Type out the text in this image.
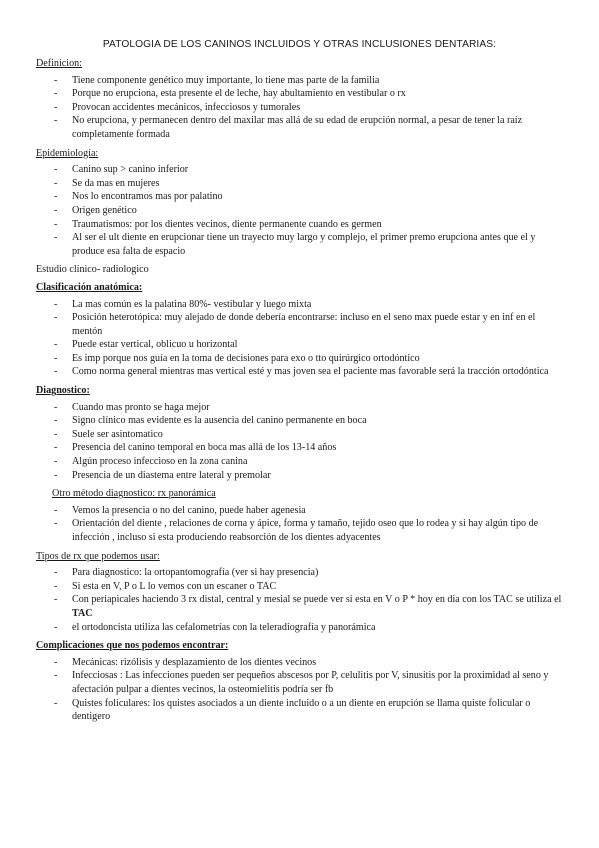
PATOLOGIA DE LOS CANINOS INCLUIDOS Y OTRAS INCLUSIONES DENTARIAS:

Definicion:

- Tiene componente genético muy importante, lo tiene mas parte de la familia
- Porque no erupciona, esta presente el de leche, hay abultamiento en vestibular o rx
- Provocan accidentes mecánicos, infecciosos y tumorales
- No erupciona, y permanecen dentro del maxilar mas allá de su edad de erupción normal, a pesar de tener la raíz completamente formada

Epidemiología:

- Canino sup > canino inferior
- Se da mas en mujeres
- Nos lo encontramos mas por palatino
- Origen genético
- Traumatismos: por los dientes vecinos, diente permanente cuando es germen
- Al ser el ult diente en erupcionar tiene un trayecto muy largo y complejo, el primer premo erupciona antes que el y produce esa falta de espacio

Estudio clínico- radiologico

Clasificación anatómica:

- La mas común es la palatina 80%- vestibular y luego mixta
- Posición heterotópica: muy alejado de donde debería encontrarse: incluso en el seno max puede estar y en inf en el mentón
- Puede estar vertical, oblicuo u horizontal
- Es imp porque nos guía en la toma de decisiones para exo o tto quirúrgico ortodóntico
- Como norma general mientras mas vertical esté y mas joven sea el paciente mas favorable será la tracción ortodóntica

Diagnostico:

- Cuando mas pronto se haga mejor
- Signo clínico mas evidente es la ausencia del canino permanente en boca
- Suele ser asintomatico
- Presencia del canino temporal en boca mas allá de los 13-14 años
- Algún proceso infeccioso en la zona canina
- Presencia de un diastema entre lateral y premolar

Otro método diagnostico: rx panorámica

- Vemos la presencia o no del canino, puede haber agenesia
- Orientación del diente , relaciones de corna y ápice, forma y tamaño, tejido oseo que lo rodea y si hay algún tipo de infección , incluso si esta produciendo reabsorción de los dientes adyacentes

Tipos de rx que podemos usar:

- Para diagnostico: la ortopantomografía (ver si hay presencia)
- Si esta en V, P o L lo vemos con un escaner o TAC
- Con periapicales haciendo 3 rx distal, central y mesial se puede ver si esta en V o P * hoy en dia con los TAC se utiliza el TAC
- el ortodoncista utiliza las cefalometrías con la teleradiografía y panorámica

Complicaciones que nos podemos encontrar:

- Mecánicas: rizólisis y desplazamiento de los dientes vecinos
- Infecciosas : Las infecciones pueden ser pequeños abscesos por P, celulitis por V, sinusitis por la proximidad al seno y afectación pulpar a dientes vecinos, la osteomielitis podría ser fb
- Quistes foliculares: los quistes asociados a un diente incluido o a un diente en erupción se llama quiste folicular o dentigero
